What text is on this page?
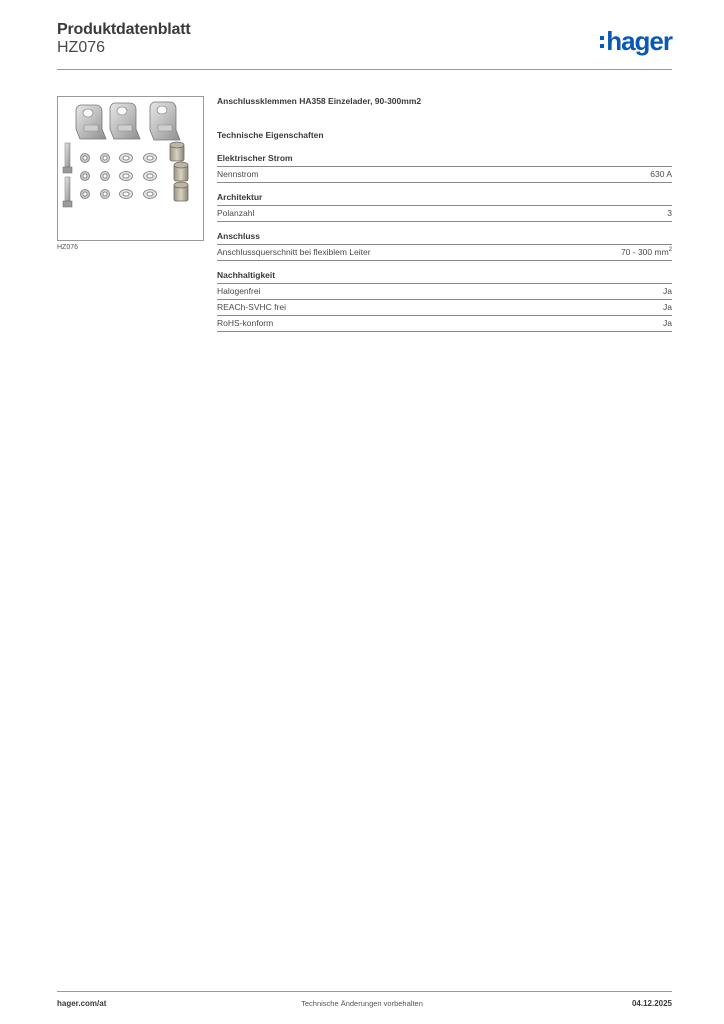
Produktdatenblatt
HZ076	hager
HZ076
Anschlussklemmen HA358 Einzelader, 90-300mm2
Technische Eigenschaften
Elektrischer Strom
Nennstrom	630 A
Architektur
Polanzahl	3
Anschluss
Anschlussquerschnitt bei flexiblem Leiter	70 - 300 $mm^2$
Nachhaltigkeit
Halogenfrei	Ja
REACh-SVHC frei	Ja
RoHS-konform	Ja
hager.com/at	Technische Änderungen vorbehalten	04.12.2025
